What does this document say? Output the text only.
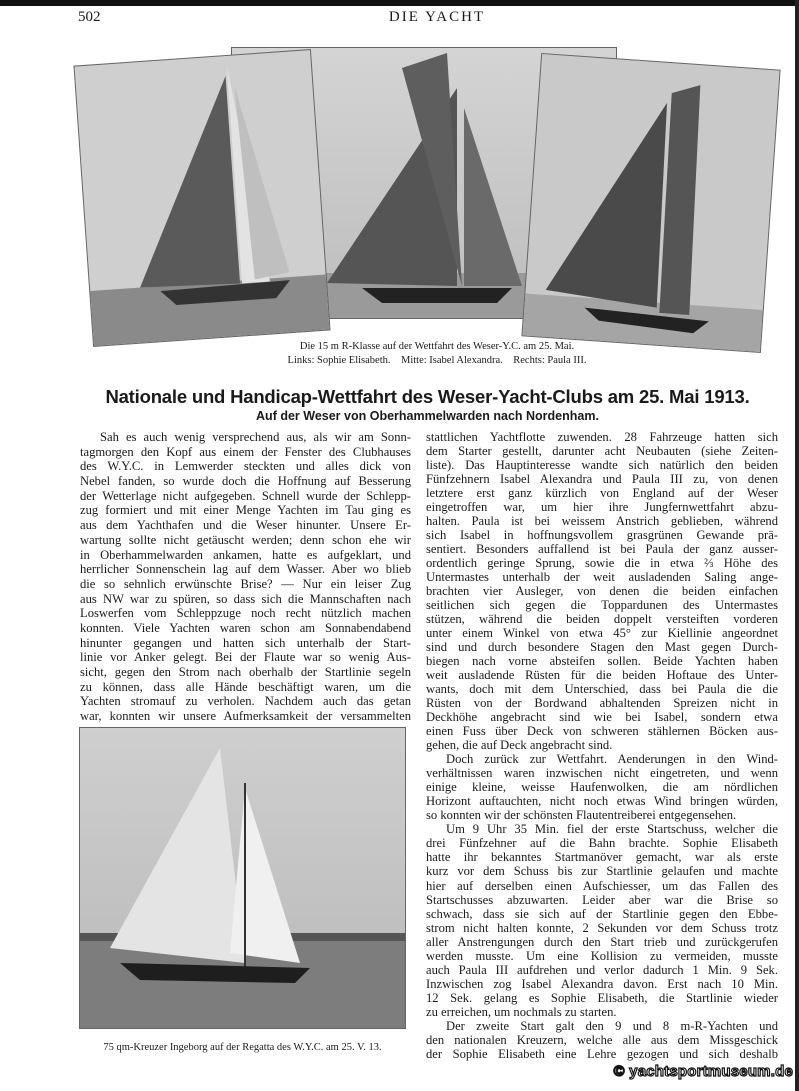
502	DIE YACHT
Die 15 m R-Klasse auf der Wettfahrt des Weser-Y.C. am 25. Mai.
Links: Sophie Elisabeth.    Mitte: Isabel Alexandra.    Rechts: Paula III.
Nationale und Handicap-Wettfahrt des Weser-Yacht-Clubs am 25. Mai 1913.
Auf der Weser von Oberhammelwarden nach Nordenham.
Sah es auch wenig versprechend aus, als wir am Sonn-
tagmorgen den Kopf aus einem der Fenster des Clubhauses
des W.Y.C. in Lemwerder steckten und alles dick von
Nebel fanden, so wurde doch die Hoffnung auf Besserung
der Wetterlage nicht aufgegeben. Schnell wurde der Schlepp-
zug formiert und mit einer Menge Yachten im Tau ging es
aus dem Yachthafen und die Weser hinunter. Unsere Er-
wartung sollte nicht getäuscht werden; denn schon ehe wir
in Oberhammelwarden ankamen, hatte es aufgeklart, und
herrlicher Sonnenschein lag auf dem Wasser. Aber wo blieb
die so sehnlich erwünschte Brise? — Nur ein leiser Zug
aus NW war zu spüren, so dass sich die Mannschaften nach
Loswerfen vom Schleppzuge noch recht nützlich machen
konnten. Viele Yachten waren schon am Sonnabendabend
hinunter gegangen und hatten sich unterhalb der Start-
linie vor Anker gelegt. Bei der Flaute war so wenig Aus-
sicht, gegen den Strom nach oberhalb der Startlinie segeln
zu können, dass alle Hände beschäftigt waren, um die
Yachten stromauf zu verholen. Nachdem auch das getan
war, konnten wir unsere Aufmerksamkeit der versammelten
stattlichen Yachtflotte zuwenden. 28 Fahrzeuge hatten sich
dem Starter gestellt, darunter acht Neubauten (siehe Zeiten-
liste). Das Hauptinteresse wandte sich natürlich den beiden
Fünfzehnern Isabel Alexandra und Paula III zu, von denen
letztere erst ganz kürzlich von England auf der Weser
eingetroffen war, um hier ihre Jungfernwettfahrt abzu-
halten. Paula ist bei weissem Anstrich geblieben, während
sich Isabel in hoffnungsvollem grasgrünen Gewande prä-
sentiert. Besonders auffallend ist bei Paula der ganz ausser-
ordentlich geringe Sprung, sowie die in etwa ⅔ Höhe des
Untermastes unterhalb der weit ausladenden Saling ange-
brachten vier Ausleger, von denen die beiden einfachen
seitlichen sich gegen die Toppardunen des Untermastes
stützen, während die beiden doppelt versteiften vorderen
unter einem Winkel von etwa 45° zur Kiellinie angeordnet
sind und durch besondere Stagen den Mast gegen Durch-
biegen nach vorne absteifen sollen. Beide Yachten haben
weit ausladende Rüsten für die beiden Hoftaue des Unter-
wants, doch mit dem Unterschied, dass bei Paula die die
Rüsten von der Bordwand abhaltenden Spreizen nicht in
Deckhöhe angebracht sind wie bei Isabel, sondern etwa
einen Fuss über Deck von schweren stählernen Böcken aus-
gehen, die auf Deck angebracht sind.
Doch zurück zur Wettfahrt. Aenderungen in den Wind-
verhältnissen waren inzwischen nicht eingetreten, und wenn
einige kleine, weisse Haufenwolken, die am nördlichen
Horizont auftauchten, nicht noch etwas Wind bringen würden,
so konnten wir der schönsten Flautentreiberei entgegensehen.
Um 9 Uhr 35 Min. fiel der erste Startschuss, welcher die
drei Fünfzehner auf die Bahn brachte. Sophie Elisabeth
hatte ihr bekanntes Startmanöver gemacht, war als erste
kurz vor dem Schuss bis zur Startlinie gelaufen und machte
hier auf derselben einen Aufschiesser, um das Fallen des
Startschusses abzuwarten. Leider aber war die Brise so
schwach, dass sie sich auf der Startlinie gegen den Ebbe-
strom nicht halten konnte, 2 Sekunden vor dem Schuss trotz
aller Anstrengungen durch den Start trieb und zurückgerufen
werden musste. Um eine Kollision zu vermeiden, musste
auch Paula III aufdrehen und verlor dadurch 1 Min. 9 Sek.
Inzwischen zog Isabel Alexandra davon. Erst nach 10 Min.
12 Sek. gelang es Sophie Elisabeth, die Startlinie wieder
zu erreichen, um nochmals zu starten.
Der zweite Start galt den 9 und 8 m-R-Yachten und
den nationalen Kreuzern, welche alle aus dem Missgeschick
der Sophie Elisabeth eine Lehre gezogen und sich deshalb
75 qm-Kreuzer Ingeborg auf der Regatta des W.Y.C. am 25. V. 13.
© yachtsportmuseum.de
